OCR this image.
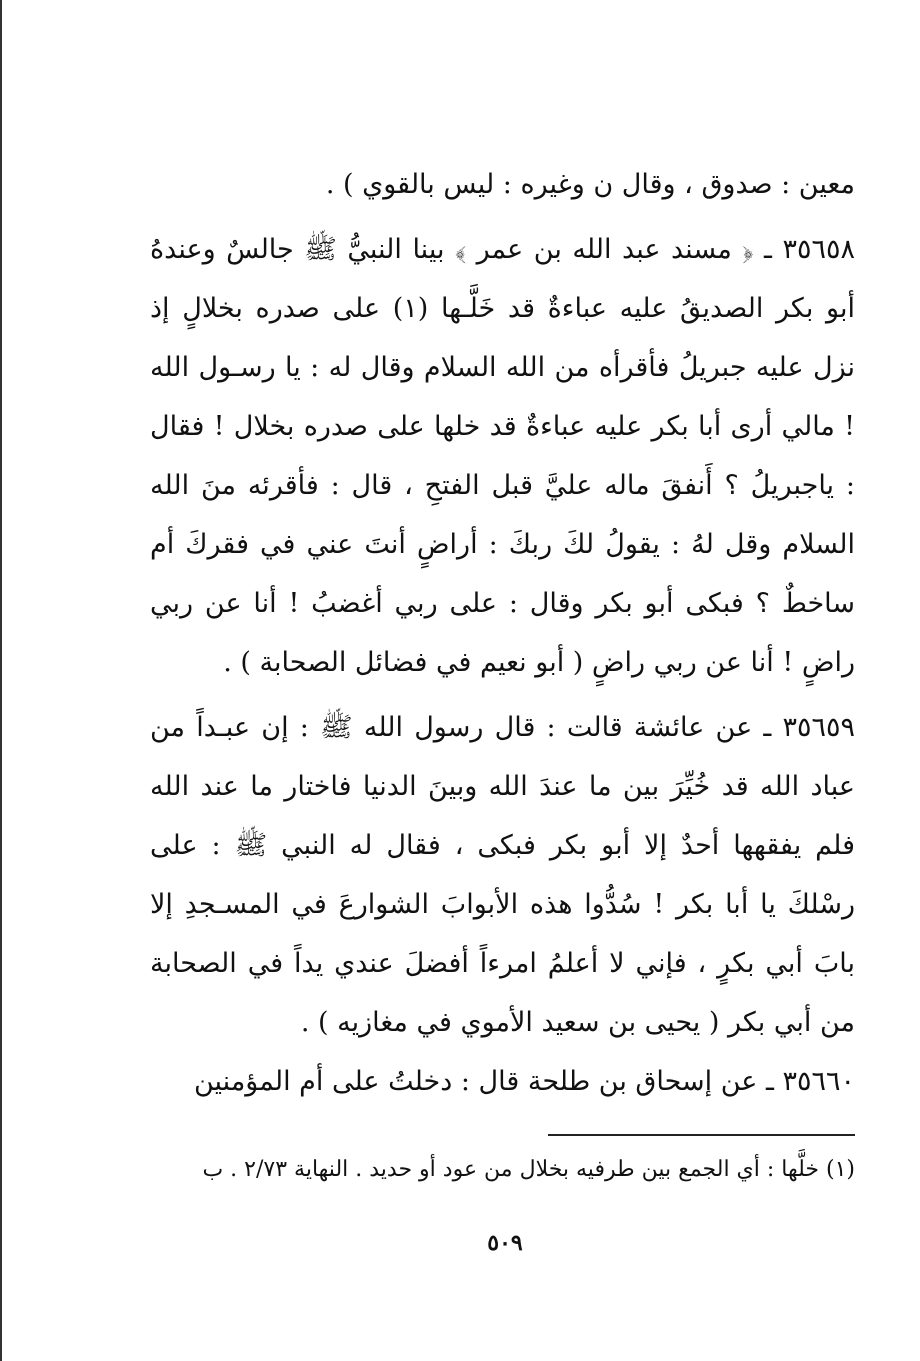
معين : صدوق ، وقال ن وغيره : ليس بالقوي ) .

٣٥٦٥٨ ـ ﴿ مسند عبد الله بن عمر ﴾ بينا النبيُّ ﷺ جالسٌ وعندهُ أبو بكر الصديقُ عليه عباءةٌ قد خَلَّـها (١) على صدره بخلالٍ إذ نزل عليه جبريلُ فأقرأه من الله السلام وقال له : يا رسـول الله ! مالي أرى أبا بكر عليه عباءةٌ قد خلها على صدره بخلال ! فقال : ياجبريلُ ؟ أَنفقَ ماله عليَّ قبل الفتحِ ، قال : فأقرئه منَ الله السلام وقل لهُ : يقولُ لكَ ربكَ : أراضٍ أنتَ عني في فقركَ أم ساخطٌ ؟ فبكى أبو بكر وقال : على ربي أغضبُ ! أنا عن ربي راضٍ ! أنا عن ربي راضٍ ( أبو نعيم في فضائل الصحابة ) .

٣٥٦٥٩ ـ عن عائشة قالت : قال رسول الله ﷺ : إن عبـداً من عباد الله قد خُيِّرَ بين ما عندَ الله وبينَ الدنيا فاختار ما عند الله فلم يفقهها أحدٌ إلا أبو بكر فبكى ، فقال له النبي ﷺ : على رسْلكَ يا أبا بكر ! سُدُّوا هذه الأبوابَ الشوارعَ في المسـجدِ إلا بابَ أبي بكرٍ ، فإني لا أعلمُ امرءاً أفضلَ عندي يداً في الصحابة من أبي بكر ( يحيى بن سعيد الأموي في مغازيه ) .

٣٥٦٦٠ ـ عن إسحاق بن طلحة قال : دخلتُ على أم المؤمنين

(١) خلَّها : أي الجمع بين طرفيه بخلال من عود أو حديد . النهاية ٢/٧٣ . ب
٥٠٩
